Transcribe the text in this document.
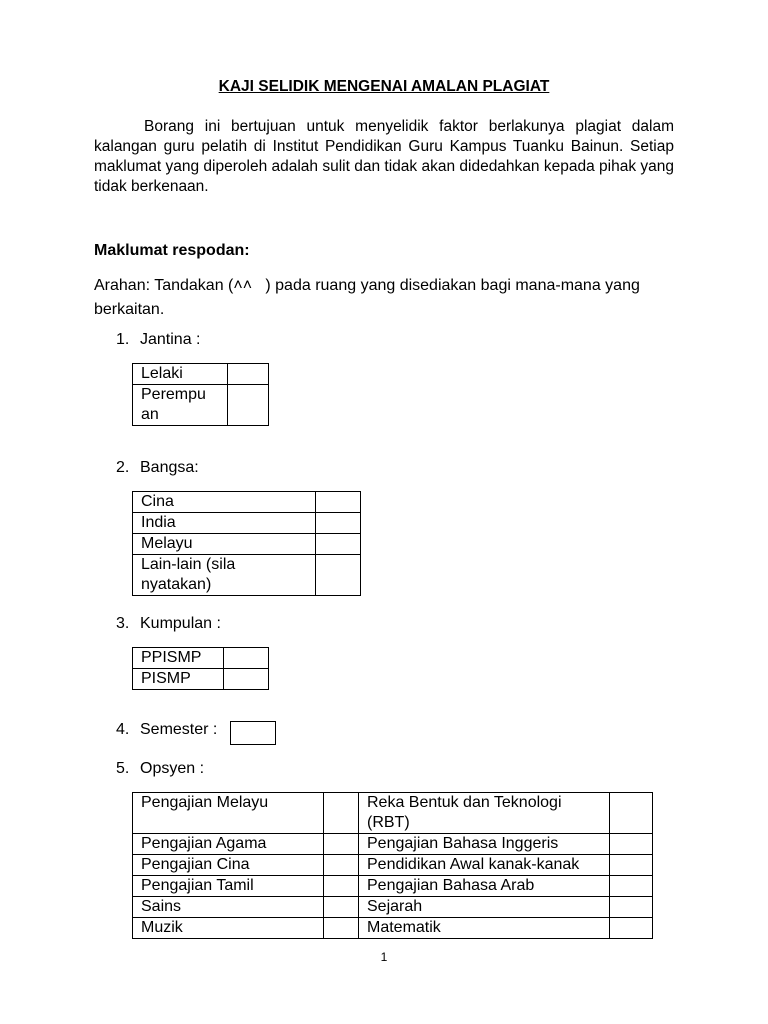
KAJI SELIDIK MENGENAI AMALAN PLAGIAT
Borang ini bertujuan untuk menyelidik faktor berlakunya plagiat dalam kalangan guru pelatih di Institut Pendidikan Guru Kampus Tuanku Bainun. Setiap maklumat yang diperoleh adalah sulit dan tidak akan didedahkan kepada pihak yang tidak berkenaan.
Maklumat respodan:
Arahan: Tandakan (˄˄   ) pada ruang yang disediakan bagi mana-mana yang berkaitan.
1. Jantina :
Lelaki	

Perempu an	

2. Bangsa:
Cina	
India	
Melayu	

Lain-lain (sila nyatakan)	

3. Kumpulan :
PPISMP	
PISMP	
4. Semester :
5. Opsyen :
Pengajian Melayu		Reka Bentuk dan Teknologi (RBT)	

Pengajian Agama		Pengajian Bahasa Inggeris	
Pengajian Cina		Pendidikan Awal kanak-kanak	
Pengajian Tamil		Pengajian Bahasa Arab	
Sains		Sejarah	
Muzik		Matematik	
1
